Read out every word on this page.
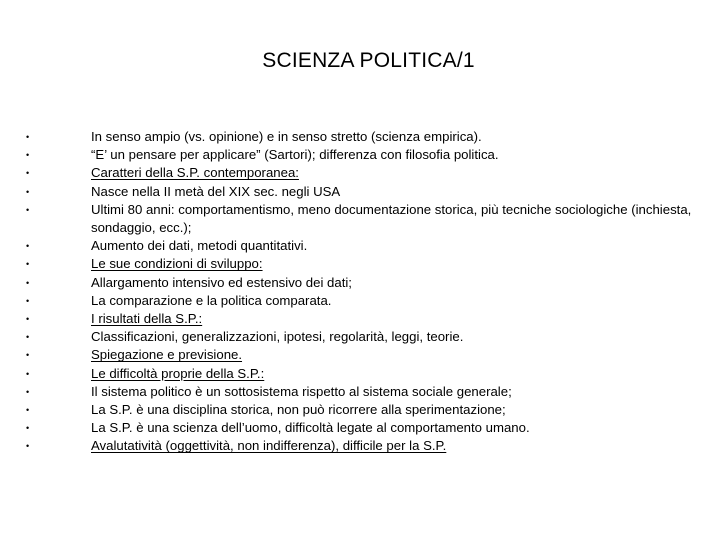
SCIENZA POLITICA/1
•	In senso ampio (vs. opinione) e in senso stretto (scienza empirica).
•	“E’ un pensare per applicare” (Sartori); differenza con filosofia politica.
•	Caratteri della S.P. contemporanea:
•	Nasce nella II metà del XIX sec. negli USA
•	Ultimi 80 anni: comportamentismo, meno documentazione storica, più tecniche sociologiche (inchiesta, sondaggio, ecc.);
•	Aumento dei dati, metodi quantitativi.
•	Le sue condizioni di sviluppo:
•	Allargamento intensivo ed estensivo dei dati;
•	La comparazione e la politica comparata.
•	I risultati della S.P.:
•	Classificazioni, generalizzazioni, ipotesi, regolarità, leggi, teorie.
•	Spiegazione e previsione.
•	Le difficoltà proprie della S.P.:
•	Il sistema politico è un sottosistema rispetto al sistema sociale generale;
•	La S.P. è una disciplina storica, non può ricorrere alla sperimentazione;
•	La S.P. è una scienza dell’uomo, difficoltà legate al comportamento umano.
•	Avalutatività (oggettività, non indifferenza), difficile per la S.P.
